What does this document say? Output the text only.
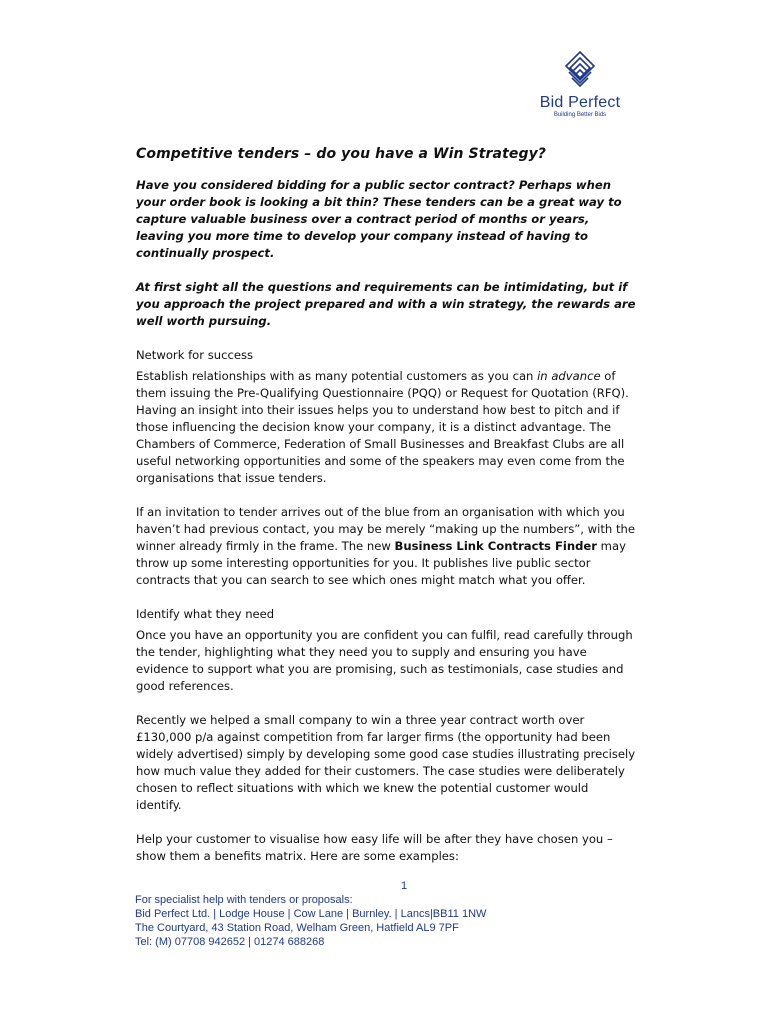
Bid Perfect
Building Better Bids

Competitive tenders – do you have a Win Strategy?

Have you considered bidding for a public sector contract? Perhaps when your order book is looking a bit thin? These tenders can be a great way to capture valuable business over a contract period of months or years, leaving you more time to develop your company instead of having to continually prospect.

At first sight all the questions and requirements can be intimidating, but if you approach the project prepared and with a win strategy, the rewards are well worth pursuing.

Network for success

Establish relationships with as many potential customers as you can in advance of them issuing the Pre-Qualifying Questionnaire (PQQ) or Request for Quotation (RFQ). Having an insight into their issues helps you to understand how best to pitch and if those influencing the decision know your company, it is a distinct advantage. The Chambers of Commerce, Federation of Small Businesses and Breakfast Clubs are all useful networking opportunities and some of the speakers may even come from the organisations that issue tenders.

If an invitation to tender arrives out of the blue from an organisation with which you haven’t had previous contact, you may be merely “making up the numbers”, with the winner already firmly in the frame. The new Business Link Contracts Finder may throw up some interesting opportunities for you. It publishes live public sector contracts that you can search to see which ones might match what you offer.

Identify what they need

Once you have an opportunity you are confident you can fulfil, read carefully through the tender, highlighting what they need you to supply and ensuring you have evidence to support what you are promising, such as testimonials, case studies and good references.

Recently we helped a small company to win a three year contract worth over £130,000 p/a against competition from far larger firms (the opportunity had been widely advertised) simply by developing some good case studies illustrating precisely how much value they added for their customers. The case studies were deliberately chosen to reflect situations with which we knew the potential customer would identify.

Help your customer to visualise how easy life will be after they have chosen you – show them a benefits matrix. Here are some examples:

1
For specialist help with tenders or proposals:
Bid Perfect Ltd. | Lodge House | Cow Lane | Burnley. | Lancs|BB11 1NW
The Courtyard, 43 Station Road, Welham Green, Hatfield AL9 7PF
Tel: (M) 07708 942652 | 01274 688268
